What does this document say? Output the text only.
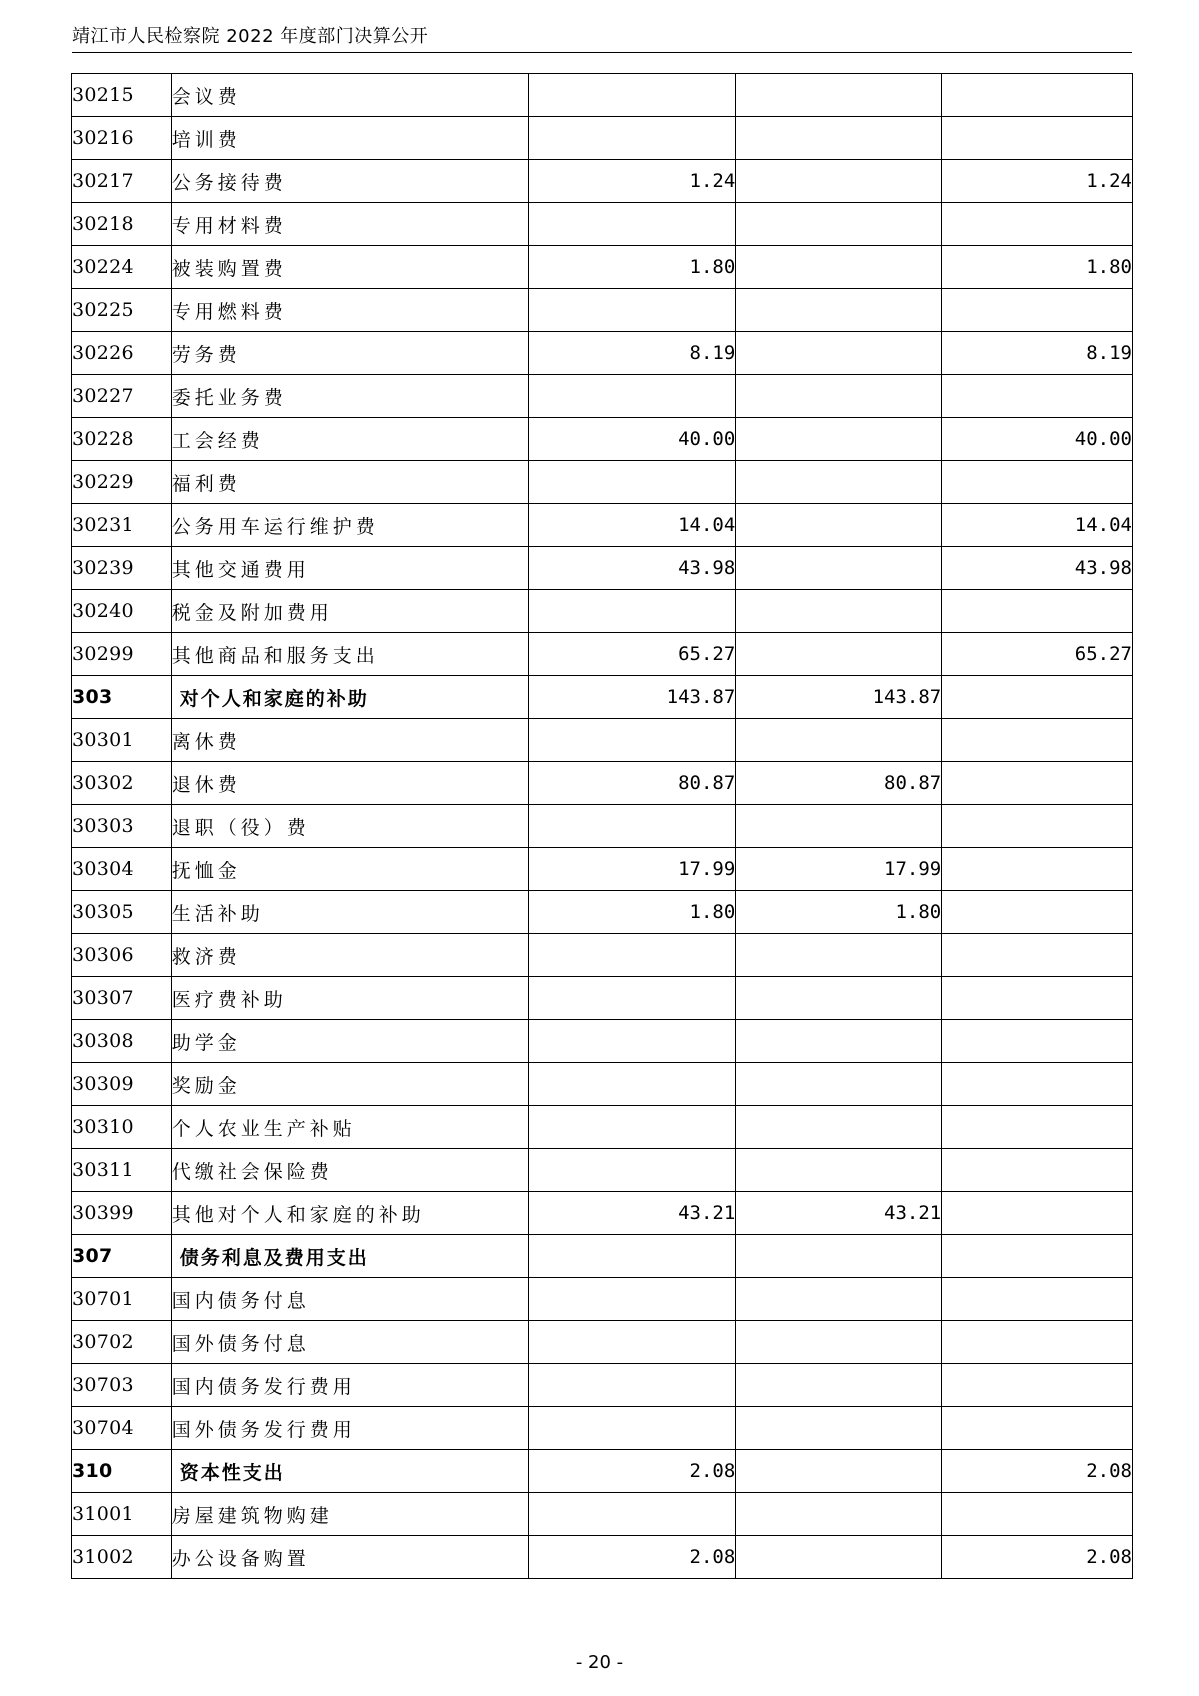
靖江市人民检察院 2022 年度部门决算公开
30215	会议费			
30216	培训费			
30217	公务接待费	1.24		1.24
30218	专用材料费			
30224	被装购置费	1.80		1.80
30225	专用燃料费			
30226	劳务费	8.19		8.19
30227	委托业务费			
30228	工会经费	40.00		40.00
30229	福利费			
30231	公务用车运行维护费	14.04		14.04
30239	其他交通费用	43.98		43.98
30240	税金及附加费用			
30299	其他商品和服务支出	65.27		65.27
303	对个人和家庭的补助	143.87	143.87	
30301	离休费			
30302	退休费	80.87	80.87	
30303	退职（役）费			
30304	抚恤金	17.99	17.99	
30305	生活补助	1.80	1.80	
30306	救济费			
30307	医疗费补助			
30308	助学金			
30309	奖励金			
30310	个人农业生产补贴			
30311	代缴社会保险费			
30399	其他对个人和家庭的补助	43.21	43.21	
307	债务利息及费用支出			
30701	国内债务付息			
30702	国外债务付息			
30703	国内债务发行费用			
30704	国外债务发行费用			
310	资本性支出	2.08		2.08
31001	房屋建筑物购建			
31002	办公设备购置	2.08		2.08
- 20 -
